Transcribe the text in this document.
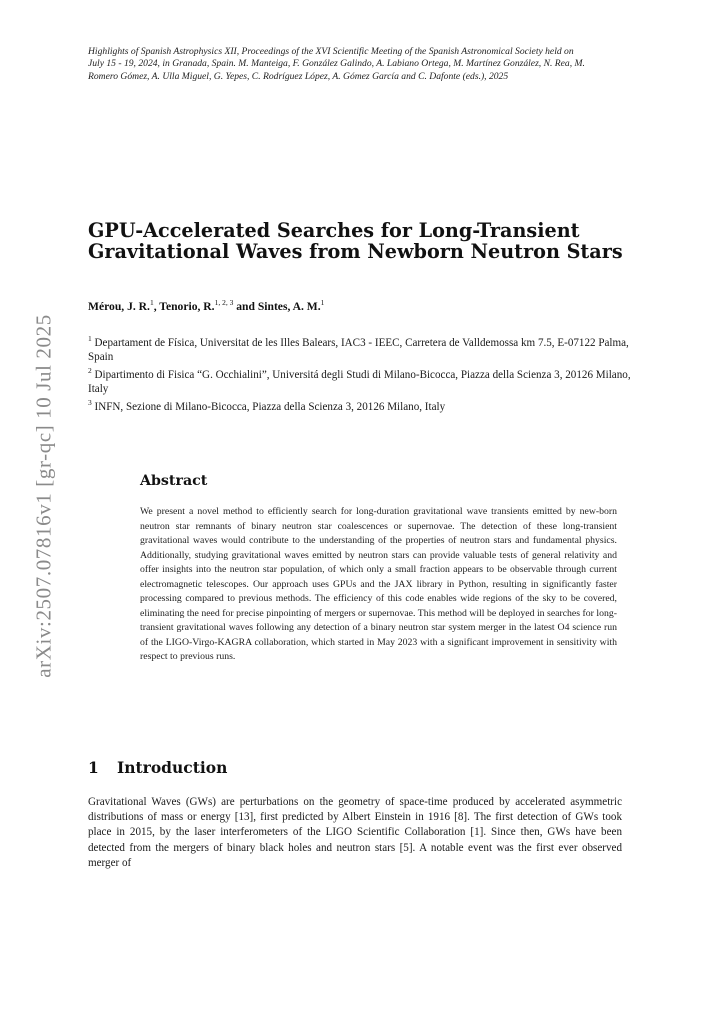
Highlights of Spanish Astrophysics XII, Proceedings of the XVI Scientific Meeting of the Spanish Astronomical Society held on July 15 - 19, 2024, in Granada, Spain. M. Manteiga, F. González Galindo, A. Labiano Ortega, M. Martínez González, N. Rea, M. Romero Gómez, A. Ulla Miguel, G. Yepes, C. Rodríguez López, A. Gómez García and C. Dafonte (eds.), 2025

arXiv:2507.07816v1 [gr-qc] 10 Jul 2025
GPU-Accelerated Searches for Long-Transient
Gravitational Waves from Newborn Neutron Stars
Mérou, J. R.$^1$, Tenorio, R.$^{1, 2, 3}$ and Sintes, A. M.$^1$

$^1$ Departament de Física, Universitat de les Illes Balears, IAC3 - IEEC, Carretera de Valldemossa km 7.5, E-07122 Palma, Spain

$^2$ Dipartimento di Fisica “G. Occhialini”, Universitá degli Studi di Milano-Bicocca, Piazza della Scienza 3, 20126 Milano, Italy

$^3$ INFN, Sezione di Milano-Bicocca, Piazza della Scienza 3, 20126 Milano, Italy

Abstract

We present a novel method to efficiently search for long-duration gravitational wave transients emitted by new-born neutron star remnants of binary neutron star coalescences or supernovae. The detection of these long-transient gravitational waves would contribute to the understanding of the properties of neutron stars and fundamental physics. Additionally, studying gravitational waves emitted by neutron stars can provide valuable tests of general relativity and offer insights into the neutron star population, of which only a small fraction appears to be observable through current electromagnetic telescopes. Our approach uses GPUs and the JAX library in Python, resulting in significantly faster processing compared to previous methods. The efficiency of this code enables wide regions of the sky to be covered, eliminating the need for precise pinpointing of mergers or supernovae. This method will be deployed in searches for long-transient gravitational waves following any detection of a binary neutron star system merger in the latest O4 science run of the LIGO-Virgo-KAGRA collaboration, which started in May 2023 with a significant improvement in sensitivity with respect to previous runs.

1 Introduction

Gravitational Waves (GWs) are perturbations on the geometry of space-time produced by accelerated asymmetric distributions of mass or energy [13], first predicted by Albert Einstein in 1916 [8]. The first detection of GWs took place in 2015, by the laser interferometers of the LIGO Scientific Collaboration [1]. Since then, GWs have been detected from the mergers of binary black holes and neutron stars [5]. A notable event was the first ever observed merger of
